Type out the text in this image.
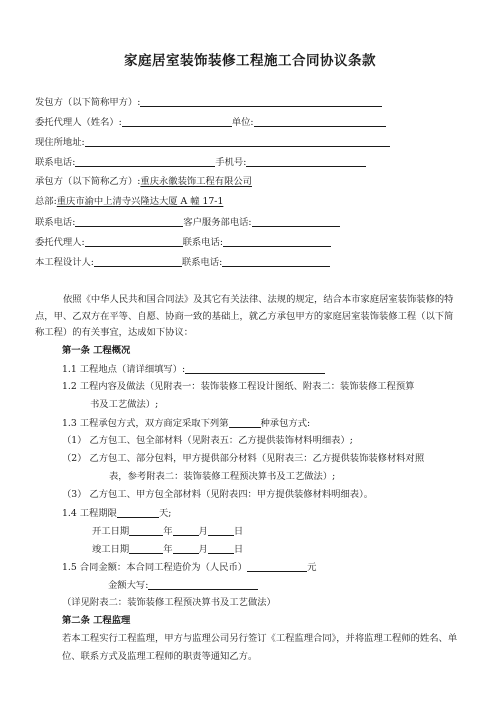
家庭居室装饰装修工程施工合同协议条款
发包方（以下简称甲方）:
委托代理人（姓名）:	单位:
现住所地址:
联系电话:	手机号:
承包方（以下简称乙方）:重庆永徽装饰工程有限公司
总部:重庆市渝中上清寺兴隆达大厦 A 幢 17-1
联系电话:	客户服务部电话:
委托代理人:	联系电话:
本工程设计人:	联系电话:
依照《中华人民共和国合同法》及其它有关法律、法规的规定，结合本市家庭居室装饰装修的特点，甲、乙双方在平等、自愿、协商一致的基础上，就乙方承包甲方的家庭居室装饰装修工程（以下简称工程）的有关事宜，达成如下协议：
第一条 工程概况
1.1 工程地点（请详细填写）:
1.2 工程内容及做法（见附表一：装饰装修工程设计图纸、附表二：装饰装修工程预算
书及工艺做法）;
1.3 工程承包方式，双方商定采取下列第	种承包方式:
（1） 乙方包工、包全部材料（见附表五：乙方提供装饰材料明细表）;
（2） 乙方包工、部分包料，甲方提供部分材料（见附表三：乙方提供装饰装修材料对照
表，参考附表二：装饰装修工程预决算书及工艺做法）;
（3） 乙方包工、甲方包全部材料（见附表四：甲方提供装修材料明细表）。
1.4 工程期限	天;
开工日期	年	月	日
竣工日期	年	月	日
1.5 合同金额：本合同工程造价为（人民币）	元
金额大写:
（详见附表二：装饰装修工程预决算书及工艺做法）
第二条 工程监理
若本工程实行工程监理，甲方与监理公司另行签订《工程监理合同》，并将监理工程师的姓名、单位、联系方式及监理工程师的职责等通知乙方。
